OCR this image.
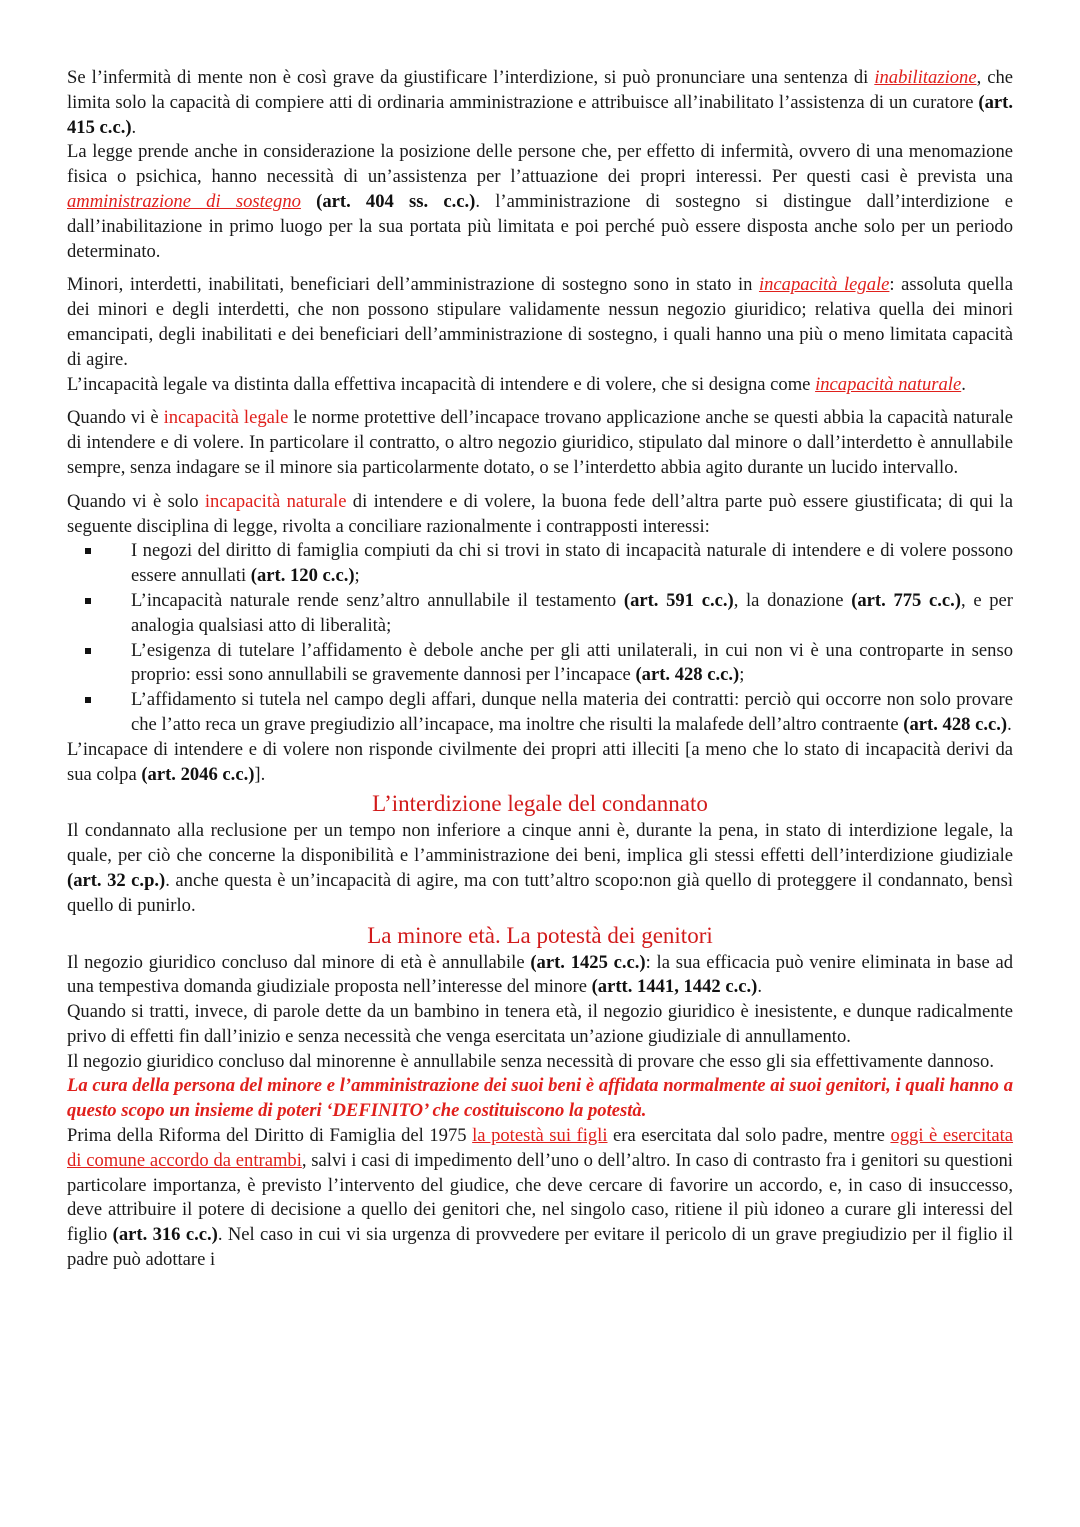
Se l’infermità di mente non è così grave da giustificare l’interdizione, si può pronunciare una sentenza di inabilitazione, che limita solo la capacità di compiere atti di ordinaria amministrazione e attribuisce all’inabilitato l’assistenza di un curatore (art. 415 c.c.).

La legge prende anche in considerazione la posizione delle persone che, per effetto di infermità, ovvero di una menomazione fisica o psichica, hanno necessità di un’assistenza per l’attuazione dei propri interessi. Per questi casi è prevista una amministrazione di sostegno (art. 404 ss. c.c.). l’amministrazione di sostegno si distingue dall’interdizione e dall’inabilitazione in primo luogo per la sua portata più limitata e poi perché può essere disposta anche solo per un periodo determinato.

Minori, interdetti, inabilitati, beneficiari dell’amministrazione di sostegno sono in stato in incapacità legale: assoluta quella dei minori e degli interdetti, che non possono stipulare validamente nessun negozio giuridico; relativa quella dei minori emancipati, degli inabilitati e dei beneficiari dell’amministrazione di sostegno, i quali hanno una più o meno limitata capacità di agire.

L’incapacità legale va distinta dalla effettiva incapacità di intendere e di volere, che si designa come incapacità naturale.

Quando vi è incapacità legale le norme protettive dell’incapace trovano applicazione anche se questi abbia la capacità naturale di intendere e di volere. In particolare il contratto, o altro negozio giuridico, stipulato dal minore o dall’interdetto è annullabile sempre, senza indagare se il minore sia particolarmente dotato, o se l’interdetto abbia agito durante un lucido intervallo.

Quando vi è solo incapacità naturale di intendere e di volere, la buona fede dell’altra parte può essere giustificata; di qui la seguente disciplina di legge, rivolta a conciliare razionalmente i contrapposti interessi:

I negozi del diritto di famiglia compiuti da chi si trovi in stato di incapacità naturale di intendere e di volere possono essere annullati (art. 120 c.c.);
L’incapacità naturale rende senz’altro annullabile il testamento (art. 591 c.c.), la donazione (art. 775 c.c.), e per analogia qualsiasi atto di liberalità;
L’esigenza di tutelare l’affidamento è debole anche per gli atti unilaterali, in cui non vi è una controparte in senso proprio: essi sono annullabili se gravemente dannosi per l’incapace (art. 428 c.c.);
L’affidamento si tutela nel campo degli affari, dunque nella materia dei contratti: perciò qui occorre non solo provare che l’atto reca un grave pregiudizio all’incapace, ma inoltre che risulti la malafede dell’altro contraente (art. 428 c.c.).

L’incapace di intendere e di volere non risponde civilmente dei propri atti illeciti [a meno che lo stato di incapacità derivi da sua colpa (art. 2046 c.c.)].

L’interdizione legale del condannato

Il condannato alla reclusione per un tempo non inferiore a cinque anni è, durante la pena, in stato di interdizione legale, la quale, per ciò che concerne la disponibilità e l’amministrazione dei beni, implica gli stessi effetti dell’interdizione giudiziale (art. 32 c.p.). anche questa è un’incapacità di agire, ma con tutt’altro scopo:non già quello di proteggere il condannato, bensì quello di punirlo.

La minore età. La potestà dei genitori

Il negozio giuridico concluso dal minore di età è annullabile (art. 1425 c.c.): la sua efficacia può venire eliminata in base ad una tempestiva domanda giudiziale proposta nell’interesse del minore (artt. 1441, 1442 c.c.).

Quando si tratti, invece, di parole dette da un bambino in tenera età, il negozio giuridico è inesistente, e dunque radicalmente privo di effetti fin dall’inizio e senza necessità che venga esercitata un’azione giudiziale di annullamento.

Il negozio giuridico concluso dal minorenne è annullabile senza necessità di provare che esso gli sia effettivamente dannoso.

La cura della persona del minore e l’amministrazione dei suoi beni è affidata normalmente ai suoi genitori, i quali hanno a questo scopo un insieme di poteri ‘DEFINITO’ che costituiscono la potestà.

Prima della Riforma del Diritto di Famiglia del 1975 la potestà sui figli era esercitata dal solo padre, mentre oggi è esercitata di comune accordo da entrambi, salvi i casi di impedimento dell’uno o dell’altro. In caso di contrasto fra i genitori su questioni particolare importanza, è previsto l’intervento del giudice, che deve cercare di favorire un accordo, e, in caso di insuccesso, deve attribuire il potere di decisione a quello dei genitori che, nel singolo caso, ritiene il più idoneo a curare gli interessi del figlio (art. 316 c.c.). Nel caso in cui vi sia urgenza di provvedere per evitare il pericolo di un grave pregiudizio per il figlio il padre può adottare i
